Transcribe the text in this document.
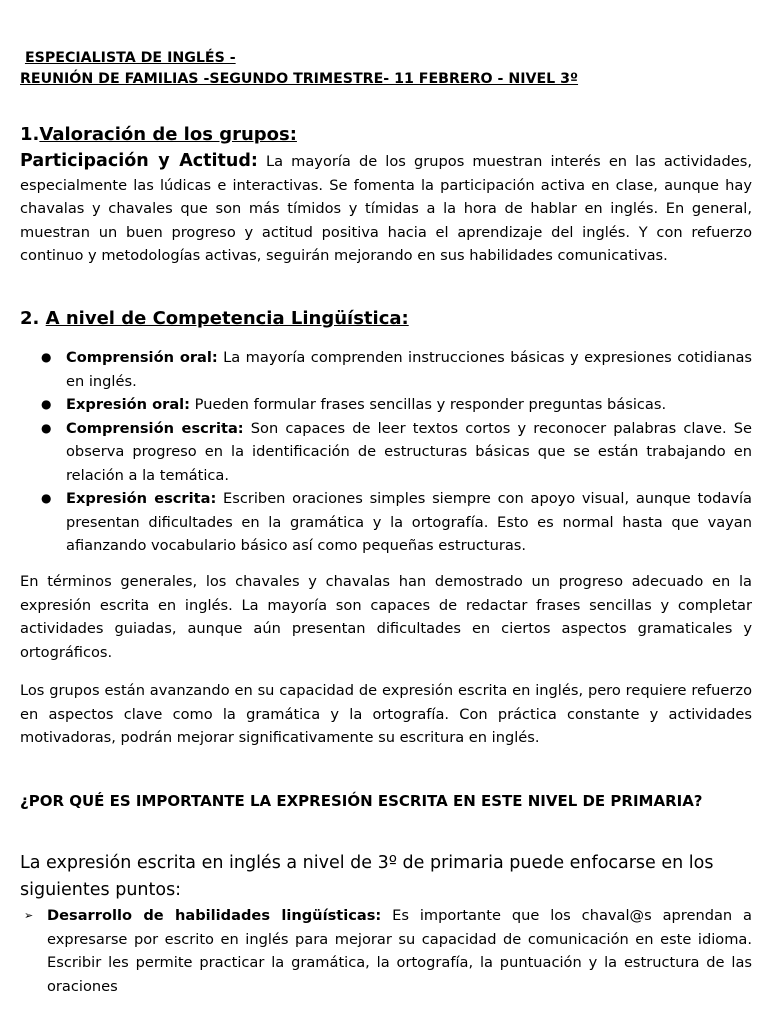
ESPECIALISTA DE INGLÉS -

REUNIÓN DE FAMILIAS -SEGUNDO TRIMESTRE- 11 FEBRERO - NIVEL 3º

1.Valoración de los grupos:

Participación y Actitud: La mayoría de los grupos muestran interés en las actividades, especialmente las lúdicas e interactivas. Se fomenta la participación activa en clase, aunque hay chavalas y chavales que son más tímidos y tímidas a la hora de hablar en inglés. En general, muestran un buen progreso y actitud positiva hacia el aprendizaje del inglés. Y con refuerzo continuo y metodologías activas, seguirán mejorando en sus habilidades comunicativas.

2. A nivel de Competencia Lingüística:

● Comprensión oral: La mayoría comprenden instrucciones básicas y expresiones cotidianas en inglés.
● Expresión oral: Pueden formular frases sencillas y responder preguntas básicas.
● Comprensión escrita: Son capaces de leer textos cortos y reconocer palabras clave. Se observa progreso en la identificación de estructuras básicas que se están trabajando en relación a la temática.
● Expresión escrita: Escriben oraciones simples siempre con apoyo visual, aunque todavía presentan dificultades en la gramática y la ortografía. Esto es normal hasta que vayan afianzando vocabulario básico así como pequeñas estructuras.

En términos generales, los chavales y chavalas han demostrado un progreso adecuado en la expresión escrita en inglés. La mayoría son capaces de redactar frases sencillas y completar actividades guiadas, aunque aún presentan dificultades en ciertos aspectos gramaticales y ortográficos.

Los grupos están avanzando en su capacidad de expresión escrita en inglés, pero requiere refuerzo en aspectos clave como la gramática y la ortografía. Con práctica constante y actividades motivadoras, podrán mejorar significativamente su escritura en inglés.

¿POR QUÉ ES IMPORTANTE LA EXPRESIÓN ESCRITA EN ESTE NIVEL DE PRIMARIA?

La expresión escrita en inglés a nivel de 3º de primaria puede enfocarse en los siguientes puntos:

➢ Desarrollo de habilidades lingüísticas: Es importante que los chaval@s aprendan a expresarse por escrito en inglés para mejorar su capacidad de comunicación en este idioma. Escribir les permite practicar la gramática, la ortografía, la puntuación y la estructura de las oraciones
